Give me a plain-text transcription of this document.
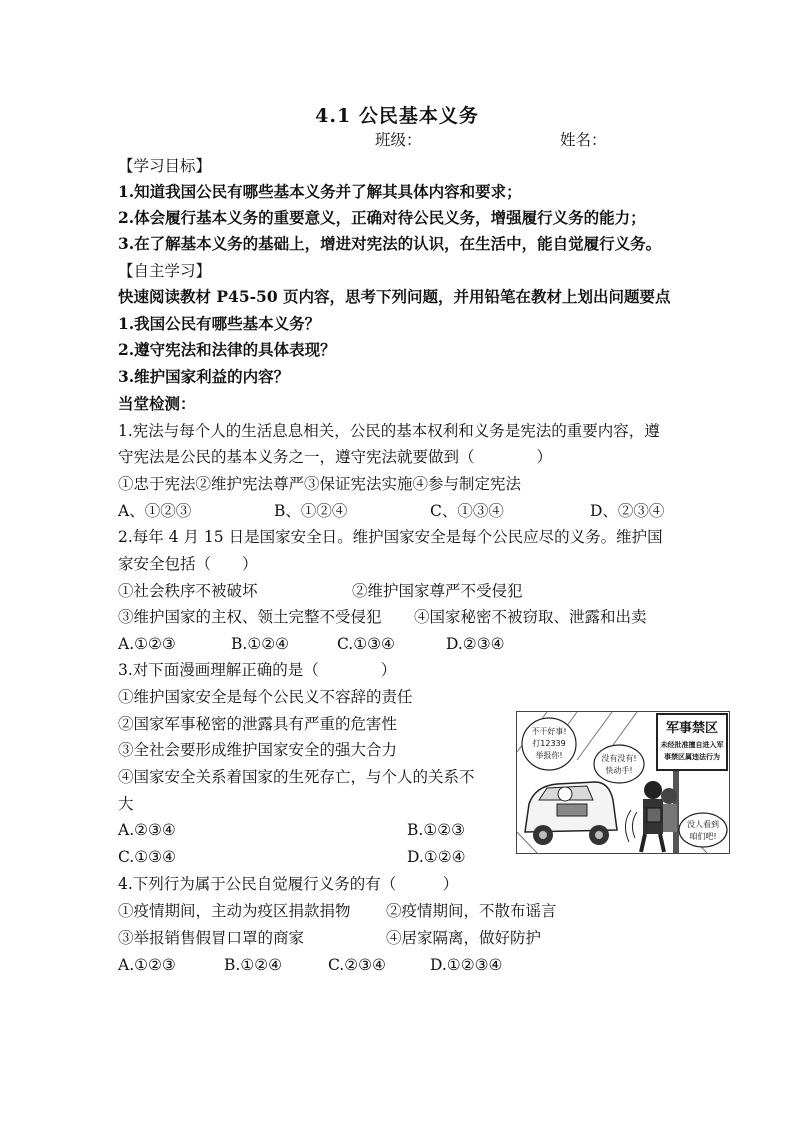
4.1 公民基本义务
班级：	姓名：
【学习目标】
1.知道我国公民有哪些基本义务并了解其具体内容和要求；
2.体会履行基本义务的重要意义，正确对待公民义务，增强履行义务的能力；
3.在了解基本义务的基础上，增进对宪法的认识，在生活中，能自觉履行义务。
【自主学习】
快速阅读教材 P45-50 页内容，思考下列问题，并用铅笔在教材上划出问题要点
1.我国公民有哪些基本义务？
2.遵守宪法和法律的具体表现？
3.维护国家利益的内容？
当堂检测：
1.宪法与每个人的生活息息相关，公民的基本权利和义务是宪法的重要内容，遵
守宪法是公民的基本义务之一，遵守宪法就要做到（　　　　）
①忠于宪法②维护宪法尊严③保证宪法实施④参与制定宪法
A、①②③	B、①②④	C、①③④	D、②③④
2.每年 4 月 15 日是国家安全日。维护国家安全是每个公民应尽的义务。维护国
家安全包括（　　）
①社会秩序不被破坏	②维护国家尊严不受侵犯
③维护国家的主权、领土完整不受侵犯 ④国家秘密不被窃取、泄露和出卖
A.①②③	B.①②④	C.①③④	D.②③④
3.对下面漫画理解正确的是（　　　　）
①维护国家安全是每个公民义不容辞的责任
②国家军事秘密的泄露具有严重的危害性
③全社会要形成维护国家安全的强大合力
④国家安全关系着国家的生死存亡，与个人的关系不
大
A.②③④	B.①②③
C.①③④	D.①②④
军事禁区
未经批准擅自进入军
事禁区属违法行为
不干好事!
打12339
举报你!	没有没有!
快动手!
没人看到
咱们吧!
4.下列行为属于公民自觉履行义务的有（　　　）
①疫情期间，主动为疫区捐款捐物 ②疫情期间，不散布谣言
③举报销售假冒口罩的商家	④居家隔离，做好防护
A.①②③	B.①②④	C.②③④	D.①②③④
